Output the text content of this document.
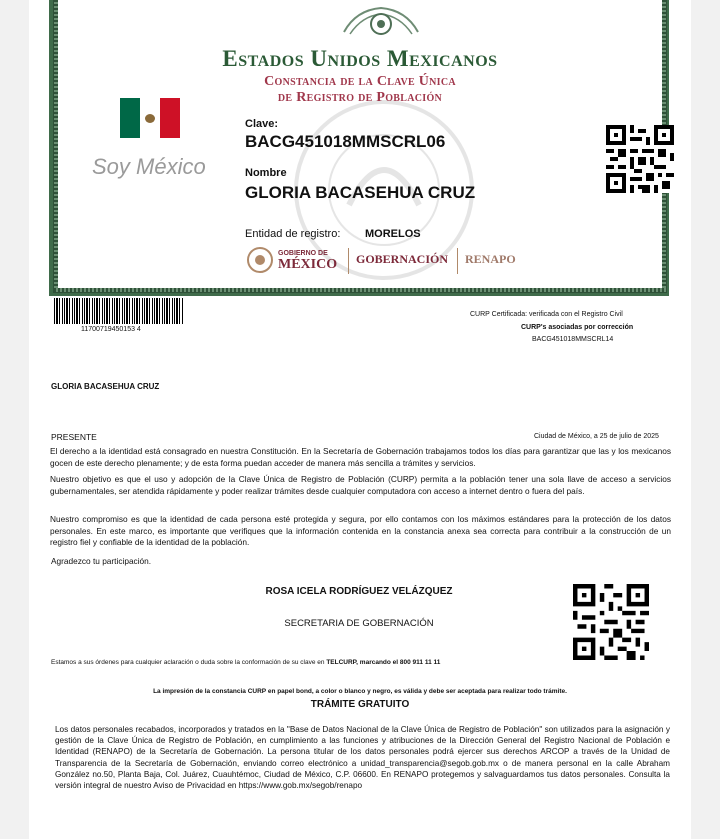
Estados Unidos Mexicanos
Constancia de la Clave Única
de Registro de Población
Soy México
Clave:
BACG451018MMSCRL06
Nombre
GLORIA BACASEHUA CRUZ
Entidad de registro: MORELOS
GOBIERNO DE
MÉXICO GOBERNACIÓN RENAPO
11700719450153 4
CURP Certificada: verificada con el Registro Civil
CURP's asociadas por corrección
BACG451018MMSCRL14
GLORIA BACASEHUA CRUZ
PRESENTE	Ciudad de México, a 25 de julio de 2025
El derecho a la identidad está consagrado en nuestra Constitución. En la Secretaría de Gobernación trabajamos todos los días para garantizar que las y los mexicanos gocen de este derecho plenamente; y de esta forma puedan acceder de manera más sencilla a trámites y servicios.
Nuestro objetivo es que el uso y adopción de la Clave Única de Registro de Población (CURP) permita a la población tener una sola llave de acceso a servicios gubernamentales, ser atendida rápidamente y poder realizar trámites desde cualquier computadora con acceso a internet dentro o fuera del país.
Nuestro compromiso es que la identidad de cada persona esté protegida y segura, por ello contamos con los máximos estándares para la protección de los datos personales. En este marco, es importante que verifiques que la información contenida en la constancia anexa sea correcta para contribuir a la construcción de un registro fiel y confiable de la identidad de la población.
Agradezco tu participación.
ROSA ICELA RODRÍGUEZ VELÁZQUEZ
SECRETARIA DE GOBERNACIÓN
Estamos a sus órdenes para cualquier aclaración o duda sobre la conformación de su clave en TELCURP, marcando el 800 911 11 11
La impresión de la constancia CURP en papel bond, a color o blanco y negro, es válida y debe ser aceptada para realizar todo trámite.
TRÁMITE GRATUITO
Los datos personales recabados, incorporados y tratados en la "Base de Datos Nacional de la Clave Única de Registro de Población" son utilizados para la asignación y gestión de la Clave Única de Registro de Población, en cumplimiento a las funciones y atribuciones de la Dirección General del Registro Nacional de Población e Identidad (RENAPO) de la Secretaría de Gobernación. La persona titular de los datos personales podrá ejercer sus derechos ARCOP a través de la Unidad de Transparencia de la Secretaría de Gobernación, enviando correo electrónico a unidad_transparencia@segob.gob.mx o de manera personal en la calle Abraham González no.50, Planta Baja, Col. Juárez, Cuauhtémoc, Ciudad de México, C.P. 06600. En RENAPO protegemos y salvaguardamos tus datos personales. Consulta la versión integral de nuestro Aviso de Privacidad en https://www.gob.mx/segob/renapo
